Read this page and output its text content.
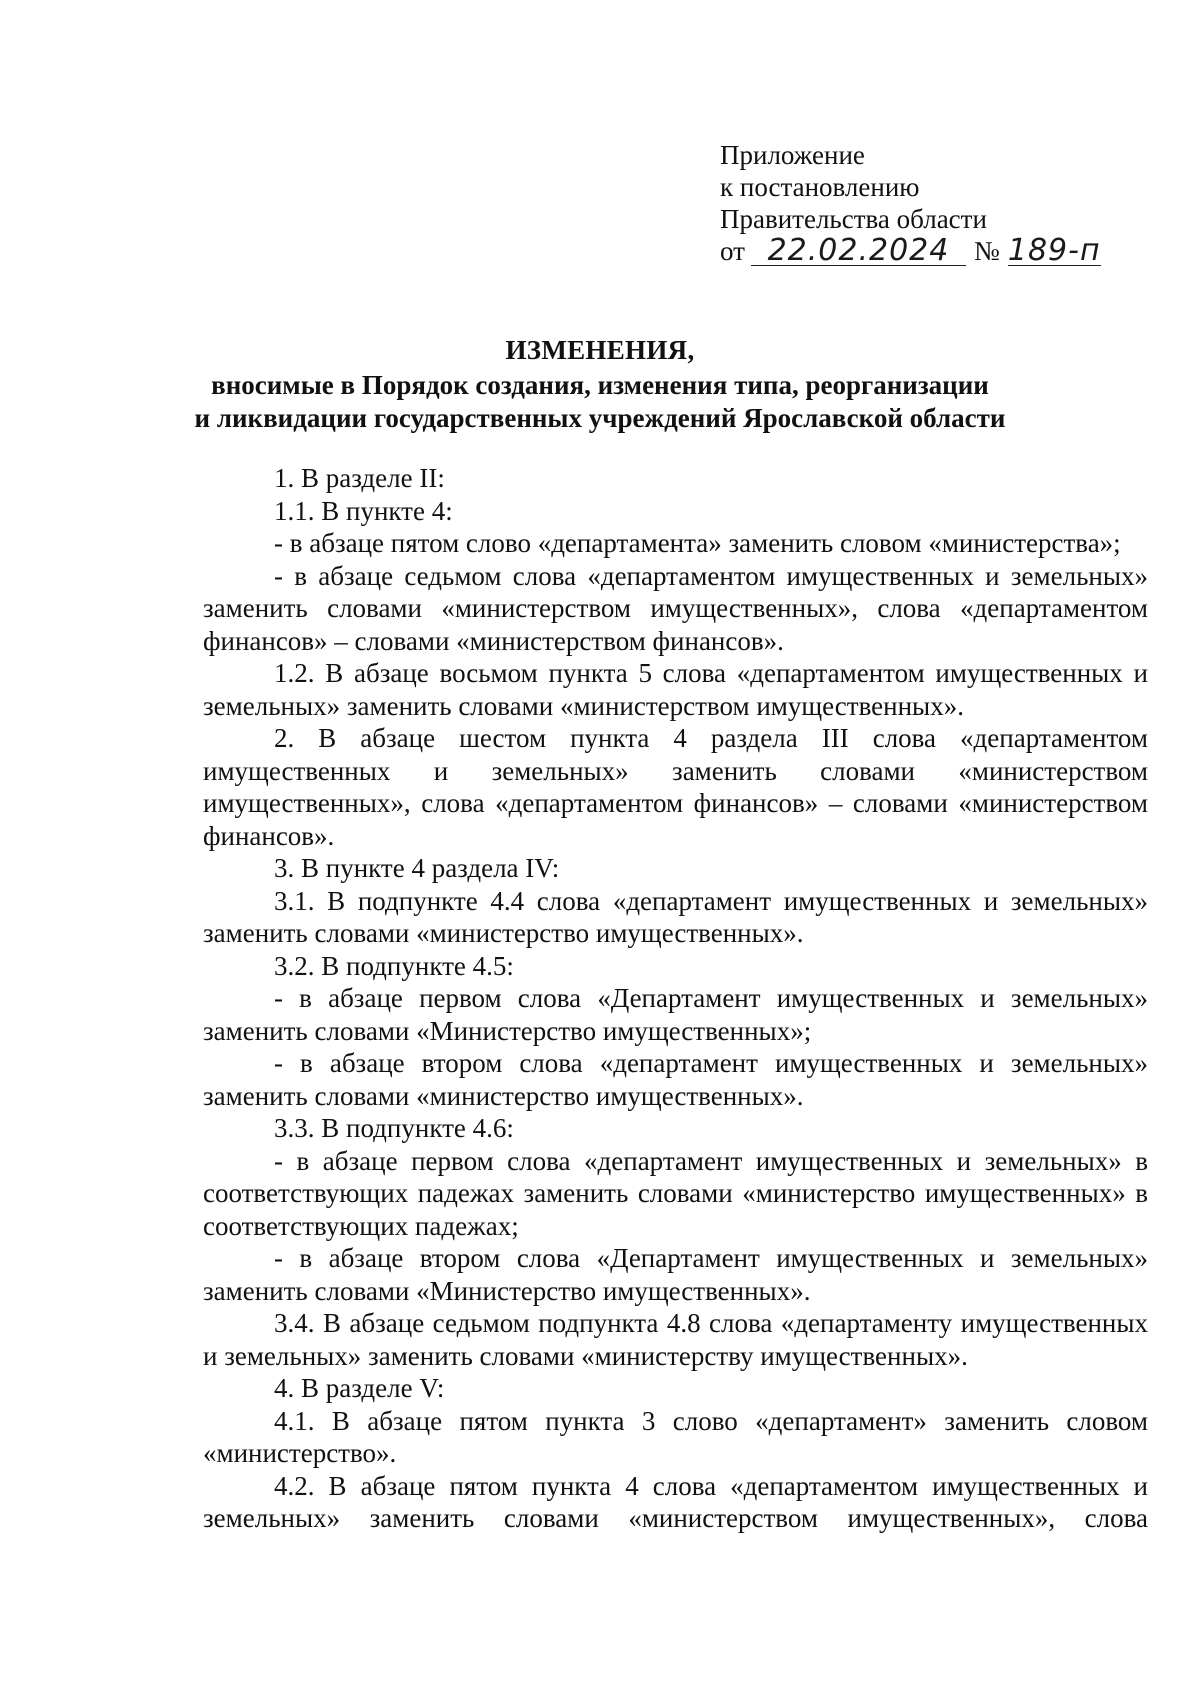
Приложение
к постановлению
Правительства области
от 22.02.2024 № 189-п
ИЗМЕНЕНИЯ,
вносимые в Порядок создания, изменения типа, реорганизации
и ликвидации государственных учреждений Ярославской области

1. В разделе II:

1.1. В пункте 4:

- в абзаце пятом слово «департамента» заменить словом «министерства»;

- в абзаце седьмом слова «департаментом имущественных и земельных» заменить словами «министерством имущественных», слова «департаментом финансов» – словами «министерством финансов».

1.2. В абзаце восьмом пункта 5 слова «департаментом имущественных и земельных» заменить словами «министерством имущественных».

2. В абзаце шестом пункта 4 раздела III слова «департаментом имущественных и земельных» заменить словами «министерством имущественных», слова «департаментом финансов» – словами «министерством финансов».

3. В пункте 4 раздела IV:

3.1. В подпункте 4.4 слова «департамент имущественных и земельных» заменить словами «министерство имущественных».

3.2. В подпункте 4.5:

- в абзаце первом слова «Департамент имущественных и земельных» заменить словами «Министерство имущественных»;

- в абзаце втором слова «департамент имущественных и земельных» заменить словами «министерство имущественных».

3.3. В подпункте 4.6:

- в абзаце первом слова «департамент имущественных и земельных» в соответствующих падежах заменить словами «министерство имущественных» в соответствующих падежах;

- в абзаце втором слова «Департамент имущественных и земельных» заменить словами «Министерство имущественных».

3.4. В абзаце седьмом подпункта 4.8 слова «департаменту имущественных и земельных» заменить словами «министерству имущественных».

4. В разделе V:

4.1. В абзаце пятом пункта 3 слово «департамент» заменить словом «министерство».

4.2. В абзаце пятом пункта 4 слова «департаментом имущественных и земельных» заменить словами «министерством имущественных», слова
